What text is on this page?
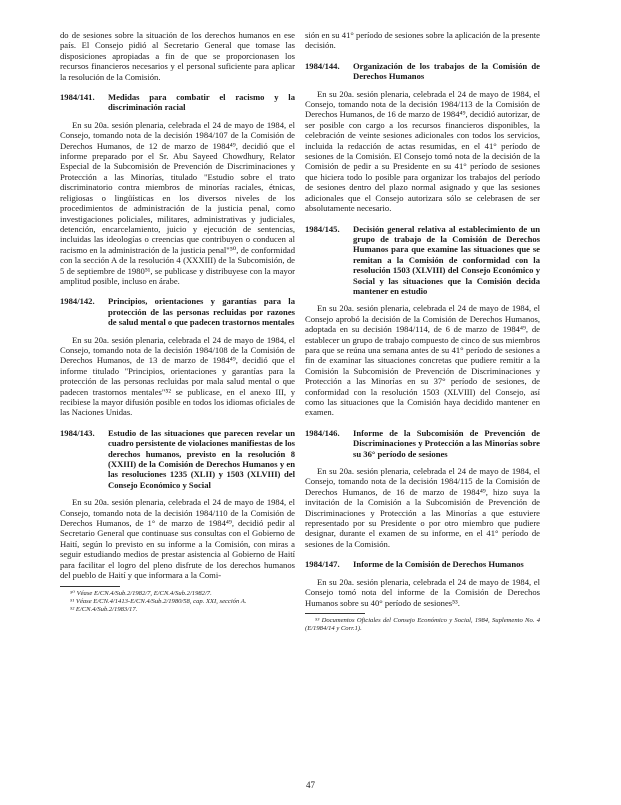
do de sesiones sobre la situación de los derechos humanos en ese país. El Consejo pidió al Secretario General que tomase las disposiciones apropiadas a fin de que se proporcionasen los recursos financieros necesarios y el personal suficiente para aplicar la resolución de la Comisión.

1984/141.	Medidas para combatir el racismo y la discriminación racial

En su 20a. sesión plenaria, celebrada el 24 de mayo de 1984, el Consejo, tomando nota de la decisión 1984/107 de la Comisión de Derechos Humanos, de 12 de marzo de 1984⁴⁹, decidió que el informe preparado por el Sr. Abu Sayeed Chowdhury, Relator Especial de la Subcomisión de Prevención de Discriminaciones y Protección a las Minorías, titulado "Estudio sobre el trato discriminatorio contra miembros de minorías raciales, étnicas, religiosas o lingüísticas en los diversos niveles de los procedimientos de administración de la justicia penal, como investigaciones policiales, militares, administrativas y judiciales, detención, encarcelamiento, juicio y ejecución de sentencias, incluidas las ideologías o creencias que contribuyen o conducen al racismo en la administración de la justicia penal"⁵⁰, de conformidad con la sección A de la resolución 4 (XXXIII) de la Subcomisión, de 5 de septiembre de 1980⁵¹, se publicase y distribuyese con la mayor amplitud posible, incluso en árabe.

1984/142.	Principios, orientaciones y garantías para la protección de las personas recluidas por razones de salud mental o que padecen trastornos mentales

En su 20a. sesión plenaria, celebrada el 24 de mayo de 1984, el Consejo, tomando nota de la decisión 1984/108 de la Comisión de Derechos Humanos, de 13 de marzo de 1984⁴⁹, decidió que el informe titulado "Principios, orientaciones y garantías para la protección de las personas recluidas por mala salud mental o que padecen trastornos mentales"⁵² se publicase, en el anexo III, y recibiese la mayor difusión posible en todos los idiomas oficiales de las Naciones Unidas.

1984/143.	Estudio de las situaciones que parecen revelar un cuadro persistente de violaciones manifiestas de los derechos humanos, previsto en la resolución 8 (XXIII) de la Comisión de Derechos Humanos y en las resoluciones 1235 (XLII) y 1503 (XLVIII) del Consejo Económico y Social

En su 20a. sesión plenaria, celebrada el 24 de mayo de 1984, el Consejo, tomando nota de la decisión 1984/110 de la Comisión de Derechos Humanos, de 1° de marzo de 1984⁴⁹, decidió pedir al Secretario General que continuase sus consultas con el Gobierno de Haití, según lo previsto en su informe a la Comisión, con miras a seguir estudiando medios de prestar asistencia al Gobierno de Haití para facilitar el logro del pleno disfrute de los derechos humanos del pueblo de Haití y que informara a la Comi-

⁵⁰ Véase E/CN.4/Sub.2/1982/7, E/CN.4/Sub.2/1982/7.

⁵¹ Véase E/CN.4/1413-E/CN.4/Sub.2/1980/58, cap. XXI, sección A.

⁵² E/CN.4/Sub.2/1983/17.

sión en su 41° período de sesiones sobre la aplicación de la presente decisión.

1984/144.	Organización de los trabajos de la Comisión de Derechos Humanos

En su 20a. sesión plenaria, celebrada el 24 de mayo de 1984, el Consejo, tomando nota de la decisión 1984/113 de la Comisión de Derechos Humanos, de 16 de marzo de 1984⁴⁹, decidió autorizar, de ser posible con cargo a los recursos financieros disponibles, la celebración de veinte sesiones adicionales con todos los servicios, incluida la redacción de actas resumidas, en el 41° período de sesiones de la Comisión. El Consejo tomó nota de la decisión de la Comisión de pedir a su Presidente en su 41° período de sesiones que hiciera todo lo posible para organizar los trabajos del período de sesiones dentro del plazo normal asignado y que las sesiones adicionales que el Consejo autorizara sólo se celebrasen de ser absolutamente necesario.

1984/145.	Decisión general relativa al establecimiento de un grupo de trabajo de la Comisión de Derechos Humanos para que examine las situaciones que se remitan a la Comisión de conformidad con la resolución 1503 (XLVIII) del Consejo Económico y Social y las situaciones que la Comisión decida mantener en estudio

En su 20a. sesión plenaria, celebrada el 24 de mayo de 1984, el Consejo aprobó la decisión de la Comisión de Derechos Humanos, adoptada en su decisión 1984/114, de 6 de marzo de 1984⁴⁹, de establecer un grupo de trabajo compuesto de cinco de sus miembros para que se reúna una semana antes de su 41° período de sesiones a fin de examinar las situaciones concretas que pudiere remitir a la Comisión la Subcomisión de Prevención de Discriminaciones y Protección a las Minorías en su 37° período de sesiones, de conformidad con la resolución 1503 (XLVIII) del Consejo, así como las situaciones que la Comisión haya decidido mantener en examen.

1984/146.	Informe de la Subcomisión de Prevención de Discriminaciones y Protección a las Minorías sobre su 36° período de sesiones

En su 20a. sesión plenaria, celebrada el 24 de mayo de 1984, el Consejo, tomando nota de la decisión 1984/115 de la Comisión de Derechos Humanos, de 16 de marzo de 1984⁴⁹, hizo suya la invitación de la Comisión a la Subcomisión de Prevención de Discriminaciones y Protección a las Minorías a que estuviere representado por su Presidente o por otro miembro que pudiere designar, durante el examen de su informe, en el 41° período de sesiones de la Comisión.

1984/147.	Informe de la Comisión de Derechos Humanos

En su 20a. sesión plenaria, celebrada el 24 de mayo de 1984, el Consejo tomó nota del informe de la Comisión de Derechos Humanos sobre su 40° período de sesiones⁵³.

⁵³ Documentos Oficiales del Consejo Económico y Social, 1984, Suplemento No. 4 (E/1984/14 y Corr.1).

47
